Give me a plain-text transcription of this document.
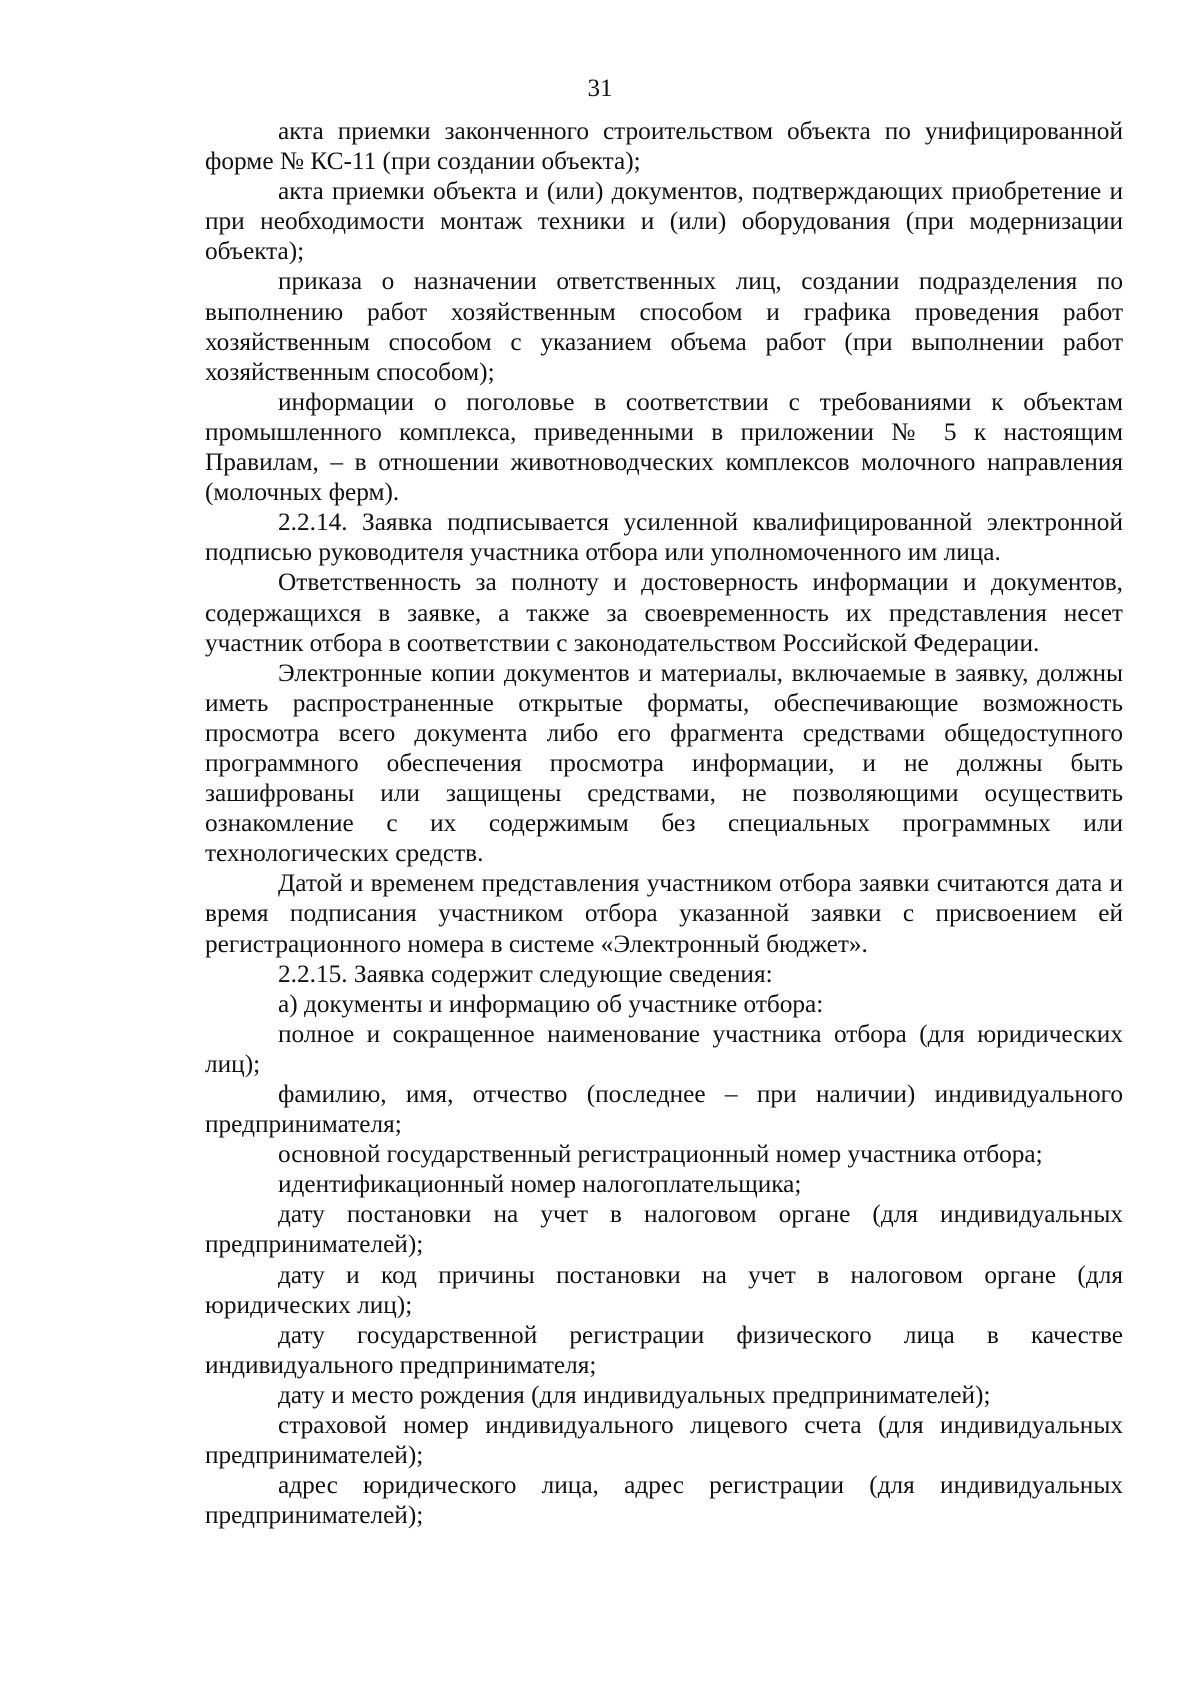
31

акта приемки законченного строительством объекта по унифицированной форме № КС-11 (при создании объекта);

акта приемки объекта и (или) документов, подтверждающих приобретение и при необходимости монтаж техники и (или) оборудования (при модернизации объекта);

приказа о назначении ответственных лиц, создании подразделения по выполнению работ хозяйственным способом и графика проведения работ хозяйственным способом с указанием объема работ (при выполнении работ хозяйственным способом);

информации о поголовье в соответствии с требованиями к объектам промышленного комплекса, приведенными в приложении № 5 к настоящим Правилам, – в отношении животноводческих комплексов молочного направления (молочных ферм).

2.2.14. Заявка подписывается усиленной квалифицированной электронной подписью руководителя участника отбора или уполномоченного им лица.

Ответственность за полноту и достоверность информации и документов, содержащихся в заявке, а также за своевременность их представления несет участник отбора в соответствии с законодательством Российской Федерации.

Электронные копии документов и материалы, включаемые в заявку, должны иметь распространенные открытые форматы, обеспечивающие возможность просмотра всего документа либо его фрагмента средствами общедоступного программного обеспечения просмотра информации, и не должны быть зашифрованы или защищены средствами, не позволяющими осуществить ознакомление с их содержимым без специальных программных или технологических средств.

Датой и временем представления участником отбора заявки считаются дата и время подписания участником отбора указанной заявки с присвоением ей регистрационного номера в системе «Электронный бюджет».

2.2.15. Заявка содержит следующие сведения:

а) документы и информацию об участнике отбора:

полное и сокращенное наименование участника отбора (для юридических лиц);

фамилию, имя, отчество (последнее – при наличии) индивидуального предпринимателя;

основной государственный регистрационный номер участника отбора;

идентификационный номер налогоплательщика;

дату постановки на учет в налоговом органе (для индивидуальных предпринимателей);

дату и код причины постановки на учет в налоговом органе (для юридических лиц);

дату государственной регистрации физического лица в качестве индивидуального предпринимателя;

дату и место рождения (для индивидуальных предпринимателей);

страховой номер индивидуального лицевого счета (для индивидуальных предпринимателей);

адрес юридического лица, адрес регистрации (для индивидуальных предпринимателей);
